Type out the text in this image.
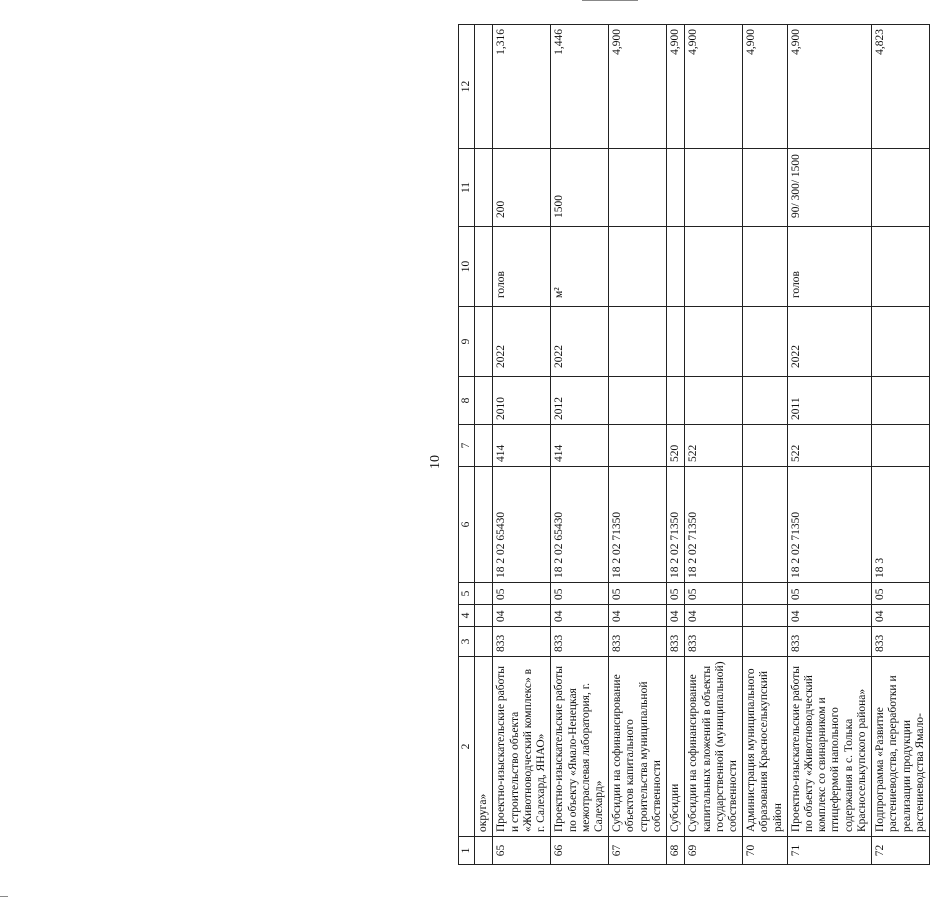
10
1	2	3	4	5	6	7	8	9	10	11	12
	округа»										
65	Проектно-изыскательские работы и строительство объекта «Животноводческий комплекс» в г. Салехард, ЯНАО»	833	04	05	18 2 02 65430	414	2010	2022	голов	200	1,316
66	Проектно-изыскательские работы по объекту «Ямало-Ненецкая межотраслевая лаборатория, г. Салехард»	833	04	05	18 2 02 65430	414	2012	2022	м²	1500	1,446
67	Субсидии на софинансирование объектов капитального строительства муниципальной собственности	833	04	05	18 2 02 71350						4,900
68	Субсидии	833	04	05	18 2 02 71350	520					4,900
69	Субсидии на софинансирование капитальных вложений в объекты государственной (муниципальной) собственности	833	04	05	18 2 02 71350	522					4,900
70	Администрация муниципального образования Красноселькупский район										4,900
71	Проектно-изыскательские работы по объекту «Животноводческий комплекс со свинарником и птицефермой напольного содержания в с. Толька Красноселькупского района»	833	04	05	18 2 02 71350	522	2011	2022	голов	90/ 300/ 1500	4,900
72	Подпрограмма «Развитие растениеводства, переработки и реализации продукции растениеводства Ямало-	833	04	05	18 3						4,823
